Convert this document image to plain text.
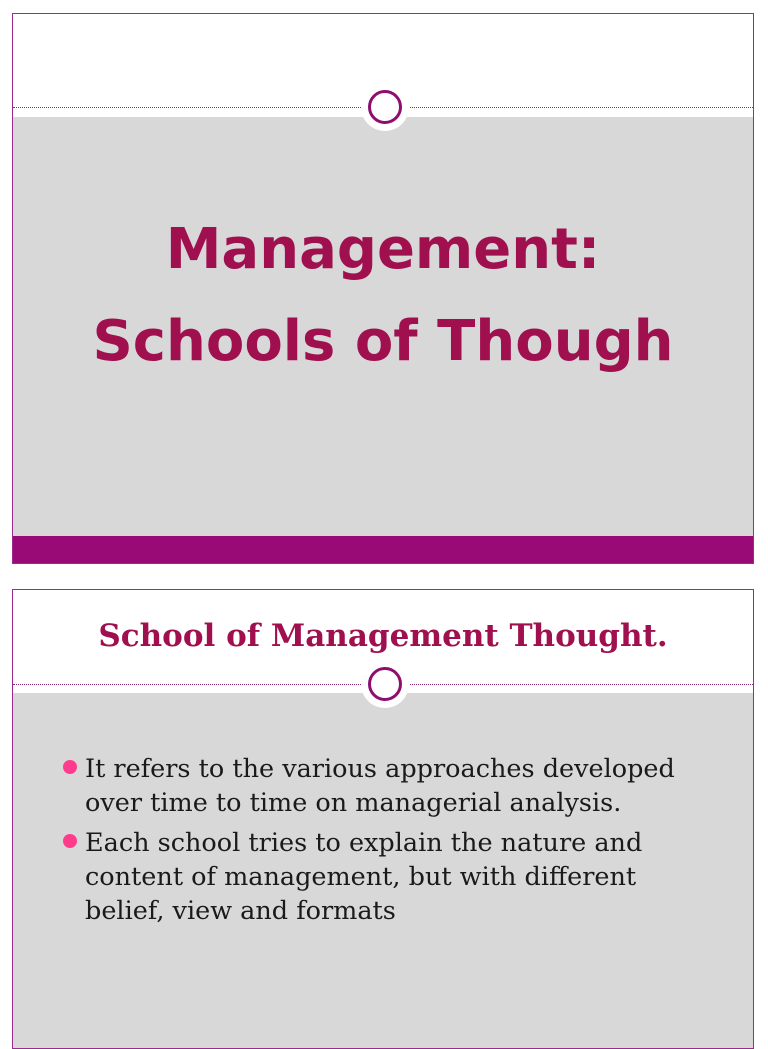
Management:
Schools of Though
School of Management Thought.
It refers to the various approaches developed over time to time on managerial analysis.
Each school tries to explain the nature and content of management, but with different belief, view and formats
